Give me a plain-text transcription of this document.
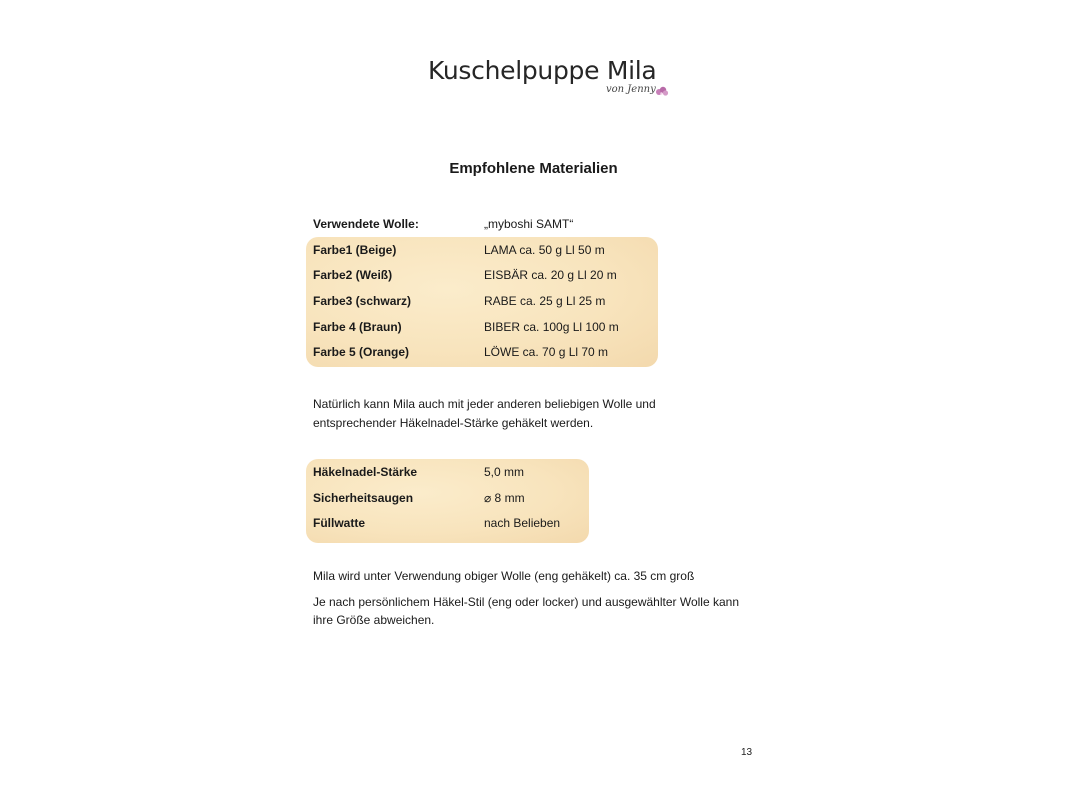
Kuschelpuppe Mila
von Jenny
Empfohlene Materialien
Verwendete Wolle:	„myboshi SAMT“
Farbe1 (Beige)	LAMA ca. 50 g Ll 50 m
Farbe2 (Weiß)	EISBÄR ca. 20 g Ll 20 m
Farbe3 (schwarz)	RABE ca. 25 g Ll 25 m
Farbe 4 (Braun)	BIBER ca. 100g Ll 100 m
Farbe 5 (Orange)	LÖWE ca. 70 g Ll 70 m
Natürlich kann Mila auch mit jeder anderen beliebigen Wolle und
entsprechender Häkelnadel-Stärke gehäkelt werden.
Häkelnadel-Stärke	5,0 mm
Sicherheitsaugen	⌀ 8 mm
Füllwatte	nach Belieben
Mila wird unter Verwendung obiger Wolle (eng gehäkelt) ca. 35 cm groß
Je nach persönlichem Häkel-Stil (eng oder locker) und ausgewählter Wolle kann
ihre Größe abweichen.
13
